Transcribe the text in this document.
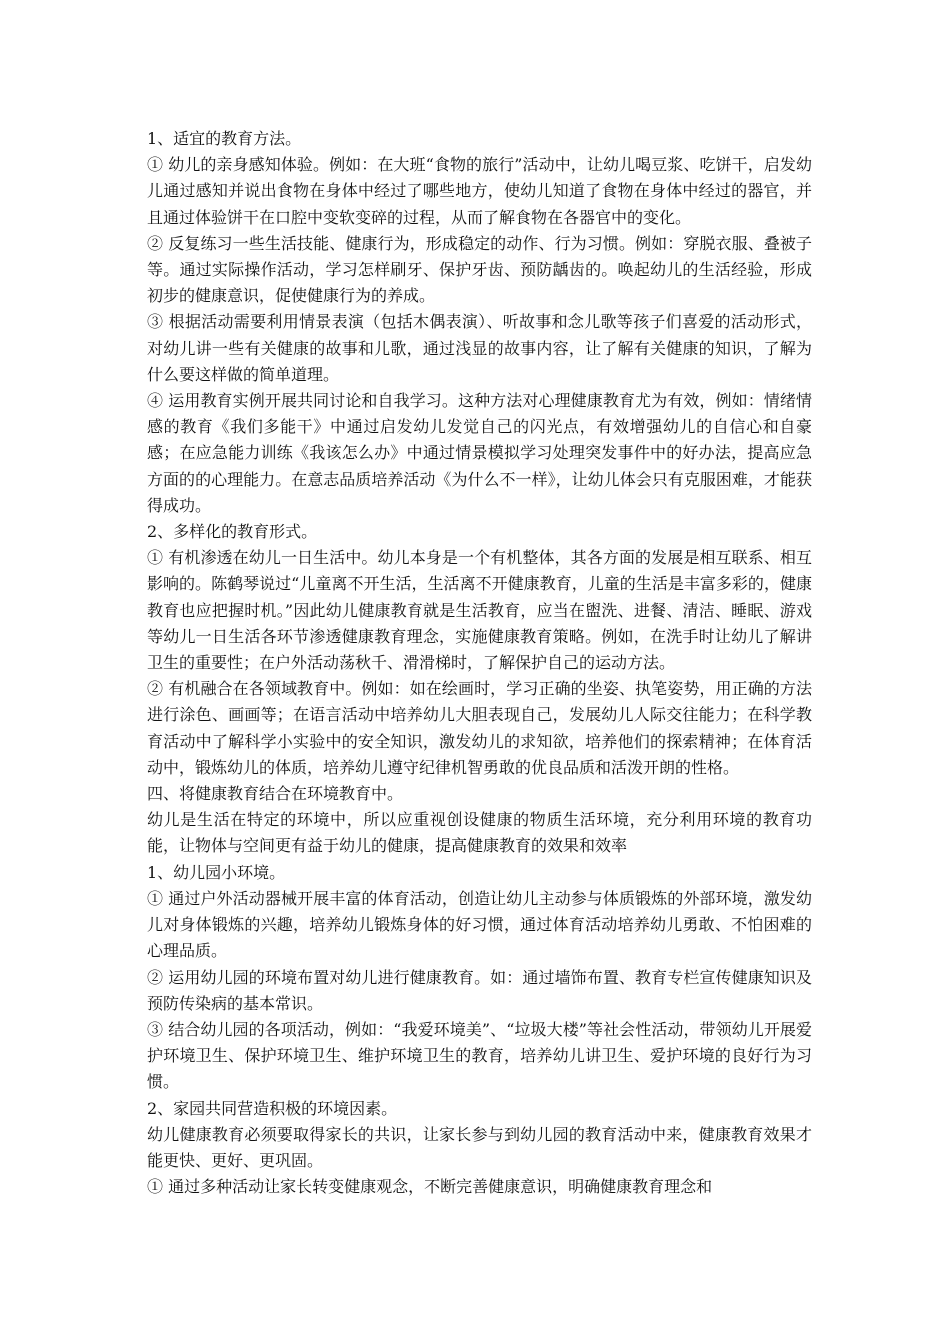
1、适宜的教育方法。

① 幼儿的亲身感知体验。例如：在大班“食物的旅行”活动中，让幼儿喝豆浆、吃饼干，启发幼儿通过感知并说出食物在身体中经过了哪些地方，使幼儿知道了食物在身体中经过的器官，并且通过体验饼干在口腔中变软变碎的过程，从而了解食物在各器官中的变化。

② 反复练习一些生活技能、健康行为，形成稳定的动作、行为习惯。例如：穿脱衣服、叠被子等。通过实际操作活动，学习怎样刷牙、保护牙齿、预防龋齿的。唤起幼儿的生活经验，形成初步的健康意识，促使健康行为的养成。

③ 根据活动需要利用情景表演（包括木偶表演）、听故事和念儿歌等孩子们喜爱的活动形式，对幼儿讲一些有关健康的故事和儿歌，通过浅显的故事内容，让了解有关健康的知识，了解为什么要这样做的简单道理。

④ 运用教育实例开展共同讨论和自我学习。这种方法对心理健康教育尤为有效，例如：情绪情感的教育《我们多能干》中通过启发幼儿发觉自己的闪光点，有效增强幼儿的自信心和自豪感；在应急能力训练《我该怎么办》中通过情景模拟学习处理突发事件中的好办法，提高应急方面的的心理能力。在意志品质培养活动《为什么不一样》，让幼儿体会只有克服困难，才能获得成功。

2、多样化的教育形式。

① 有机渗透在幼儿一日生活中。幼儿本身是一个有机整体，其各方面的发展是相互联系、相互影响的。陈鹤琴说过“儿童离不开生活，生活离不开健康教育，儿童的生活是丰富多彩的，健康教育也应把握时机。”因此幼儿健康教育就是生活教育，应当在盥洗、进餐、清洁、睡眠、游戏等幼儿一日生活各环节渗透健康教育理念，实施健康教育策略。例如，在洗手时让幼儿了解讲卫生的重要性；在户外活动荡秋千、滑滑梯时，了解保护自己的运动方法。

② 有机融合在各领域教育中。例如：如在绘画时，学习正确的坐姿、执笔姿势，用正确的方法进行涂色、画画等；在语言活动中培养幼儿大胆表现自己，发展幼儿人际交往能力；在科学教育活动中了解科学小实验中的安全知识，激发幼儿的求知欲，培养他们的探索精神；在体育活动中，锻炼幼儿的体质，培养幼儿遵守纪律机智勇敢的优良品质和活泼开朗的性格。

四、将健康教育结合在环境教育中。

幼儿是生活在特定的环境中，所以应重视创设健康的物质生活环境，充分利用环境的教育功能，让物体与空间更有益于幼儿的健康，提高健康教育的效果和效率

1、幼儿园小环境。

① 通过户外活动器械开展丰富的体育活动，创造让幼儿主动参与体质锻炼的外部环境，激发幼儿对身体锻炼的兴趣，培养幼儿锻炼身体的好习惯，通过体育活动培养幼儿勇敢、不怕困难的心理品质。

② 运用幼儿园的环境布置对幼儿进行健康教育。如：通过墙饰布置、教育专栏宣传健康知识及预防传染病的基本常识。

③ 结合幼儿园的各项活动，例如：“我爱环境美”、“垃圾大楼”等社会性活动，带领幼儿开展爱护环境卫生、保护环境卫生、维护环境卫生的教育，培养幼儿讲卫生、爱护环境的良好行为习惯。

2、家园共同营造积极的环境因素。

幼儿健康教育必须要取得家长的共识，让家长参与到幼儿园的教育活动中来，健康教育效果才能更快、更好、更巩固。

① 通过多种活动让家长转变健康观念，不断完善健康意识，明确健康教育理念和
